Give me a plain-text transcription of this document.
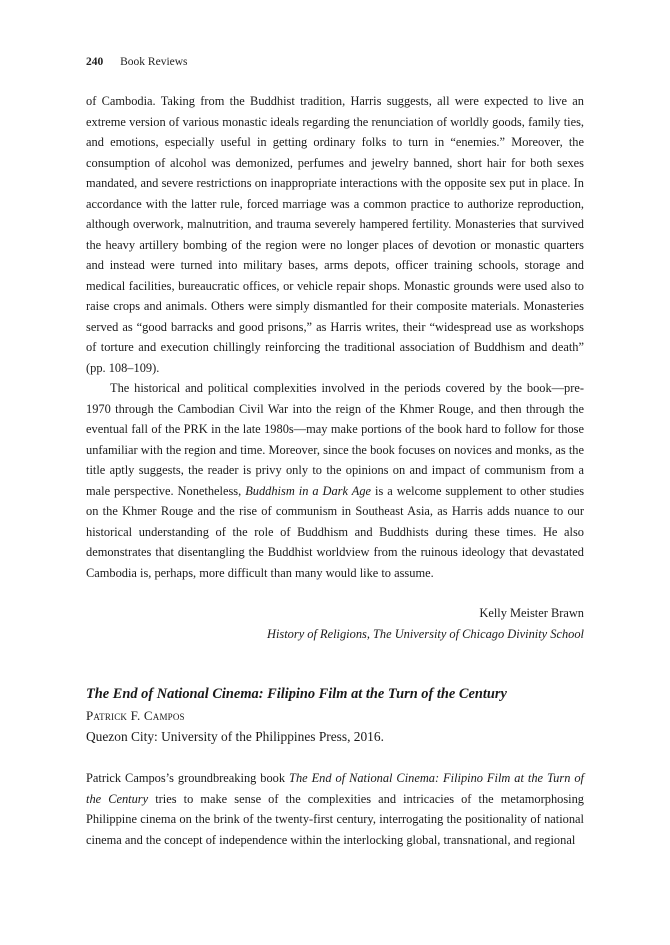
240 Book Reviews

of Cambodia. Taking from the Buddhist tradition, Harris suggests, all were expected to live an extreme version of various monastic ideals regarding the renunciation of worldly goods, family ties, and emotions, especially useful in getting ordinary folks to turn in “enemies.” Moreover, the consumption of alcohol was demonized, perfumes and jewelry banned, short hair for both sexes mandated, and severe restrictions on inappropriate interactions with the opposite sex put in place. In accordance with the latter rule, forced marriage was a common practice to authorize reproduction, although overwork, malnutrition, and trauma severely hampered fertility. Monasteries that survived the heavy artillery bombing of the region were no longer places of devotion or monastic quarters and instead were turned into military bases, arms depots, officer training schools, storage and medical facilities, bureaucratic offices, or vehicle repair shops. Monastic grounds were used also to raise crops and animals. Others were simply dismantled for their composite materials. Monasteries served as “good barracks and good prisons,” as Harris writes, their “widespread use as workshops of torture and execution chillingly reinforcing the traditional association of Buddhism and death” (pp. 108–109).

The historical and political complexities involved in the periods covered by the book—pre-1970 through the Cambodian Civil War into the reign of the Khmer Rouge, and then through the eventual fall of the PRK in the late 1980s—may make portions of the book hard to follow for those unfamiliar with the region and time. Moreover, since the book focuses on novices and monks, as the title aptly suggests, the reader is privy only to the opinions on and impact of communism from a male perspective. Nonetheless, Buddhism in a Dark Age is a welcome supplement to other studies on the Khmer Rouge and the rise of communism in Southeast Asia, as Harris adds nuance to our historical understanding of the role of Buddhism and Buddhists during these times. He also demonstrates that disentangling the Buddhist worldview from the ruinous ideology that devastated Cambodia is, perhaps, more difficult than many would like to assume.

Kelly Meister Brawn
History of Religions, The University of Chicago Divinity School
The End of National Cinema: Filipino Film at the Turn of the Century
Patrick F. Campos
Quezon City: University of the Philippines Press, 2016.

Patrick Campos’s groundbreaking book The End of National Cinema: Filipino Film at the Turn of the Century tries to make sense of the complexities and intricacies of the metamorphosing Philippine cinema on the brink of the twenty-first century, interrogating the positionality of national cinema and the concept of independence within the interlocking global, transnational, and regional
